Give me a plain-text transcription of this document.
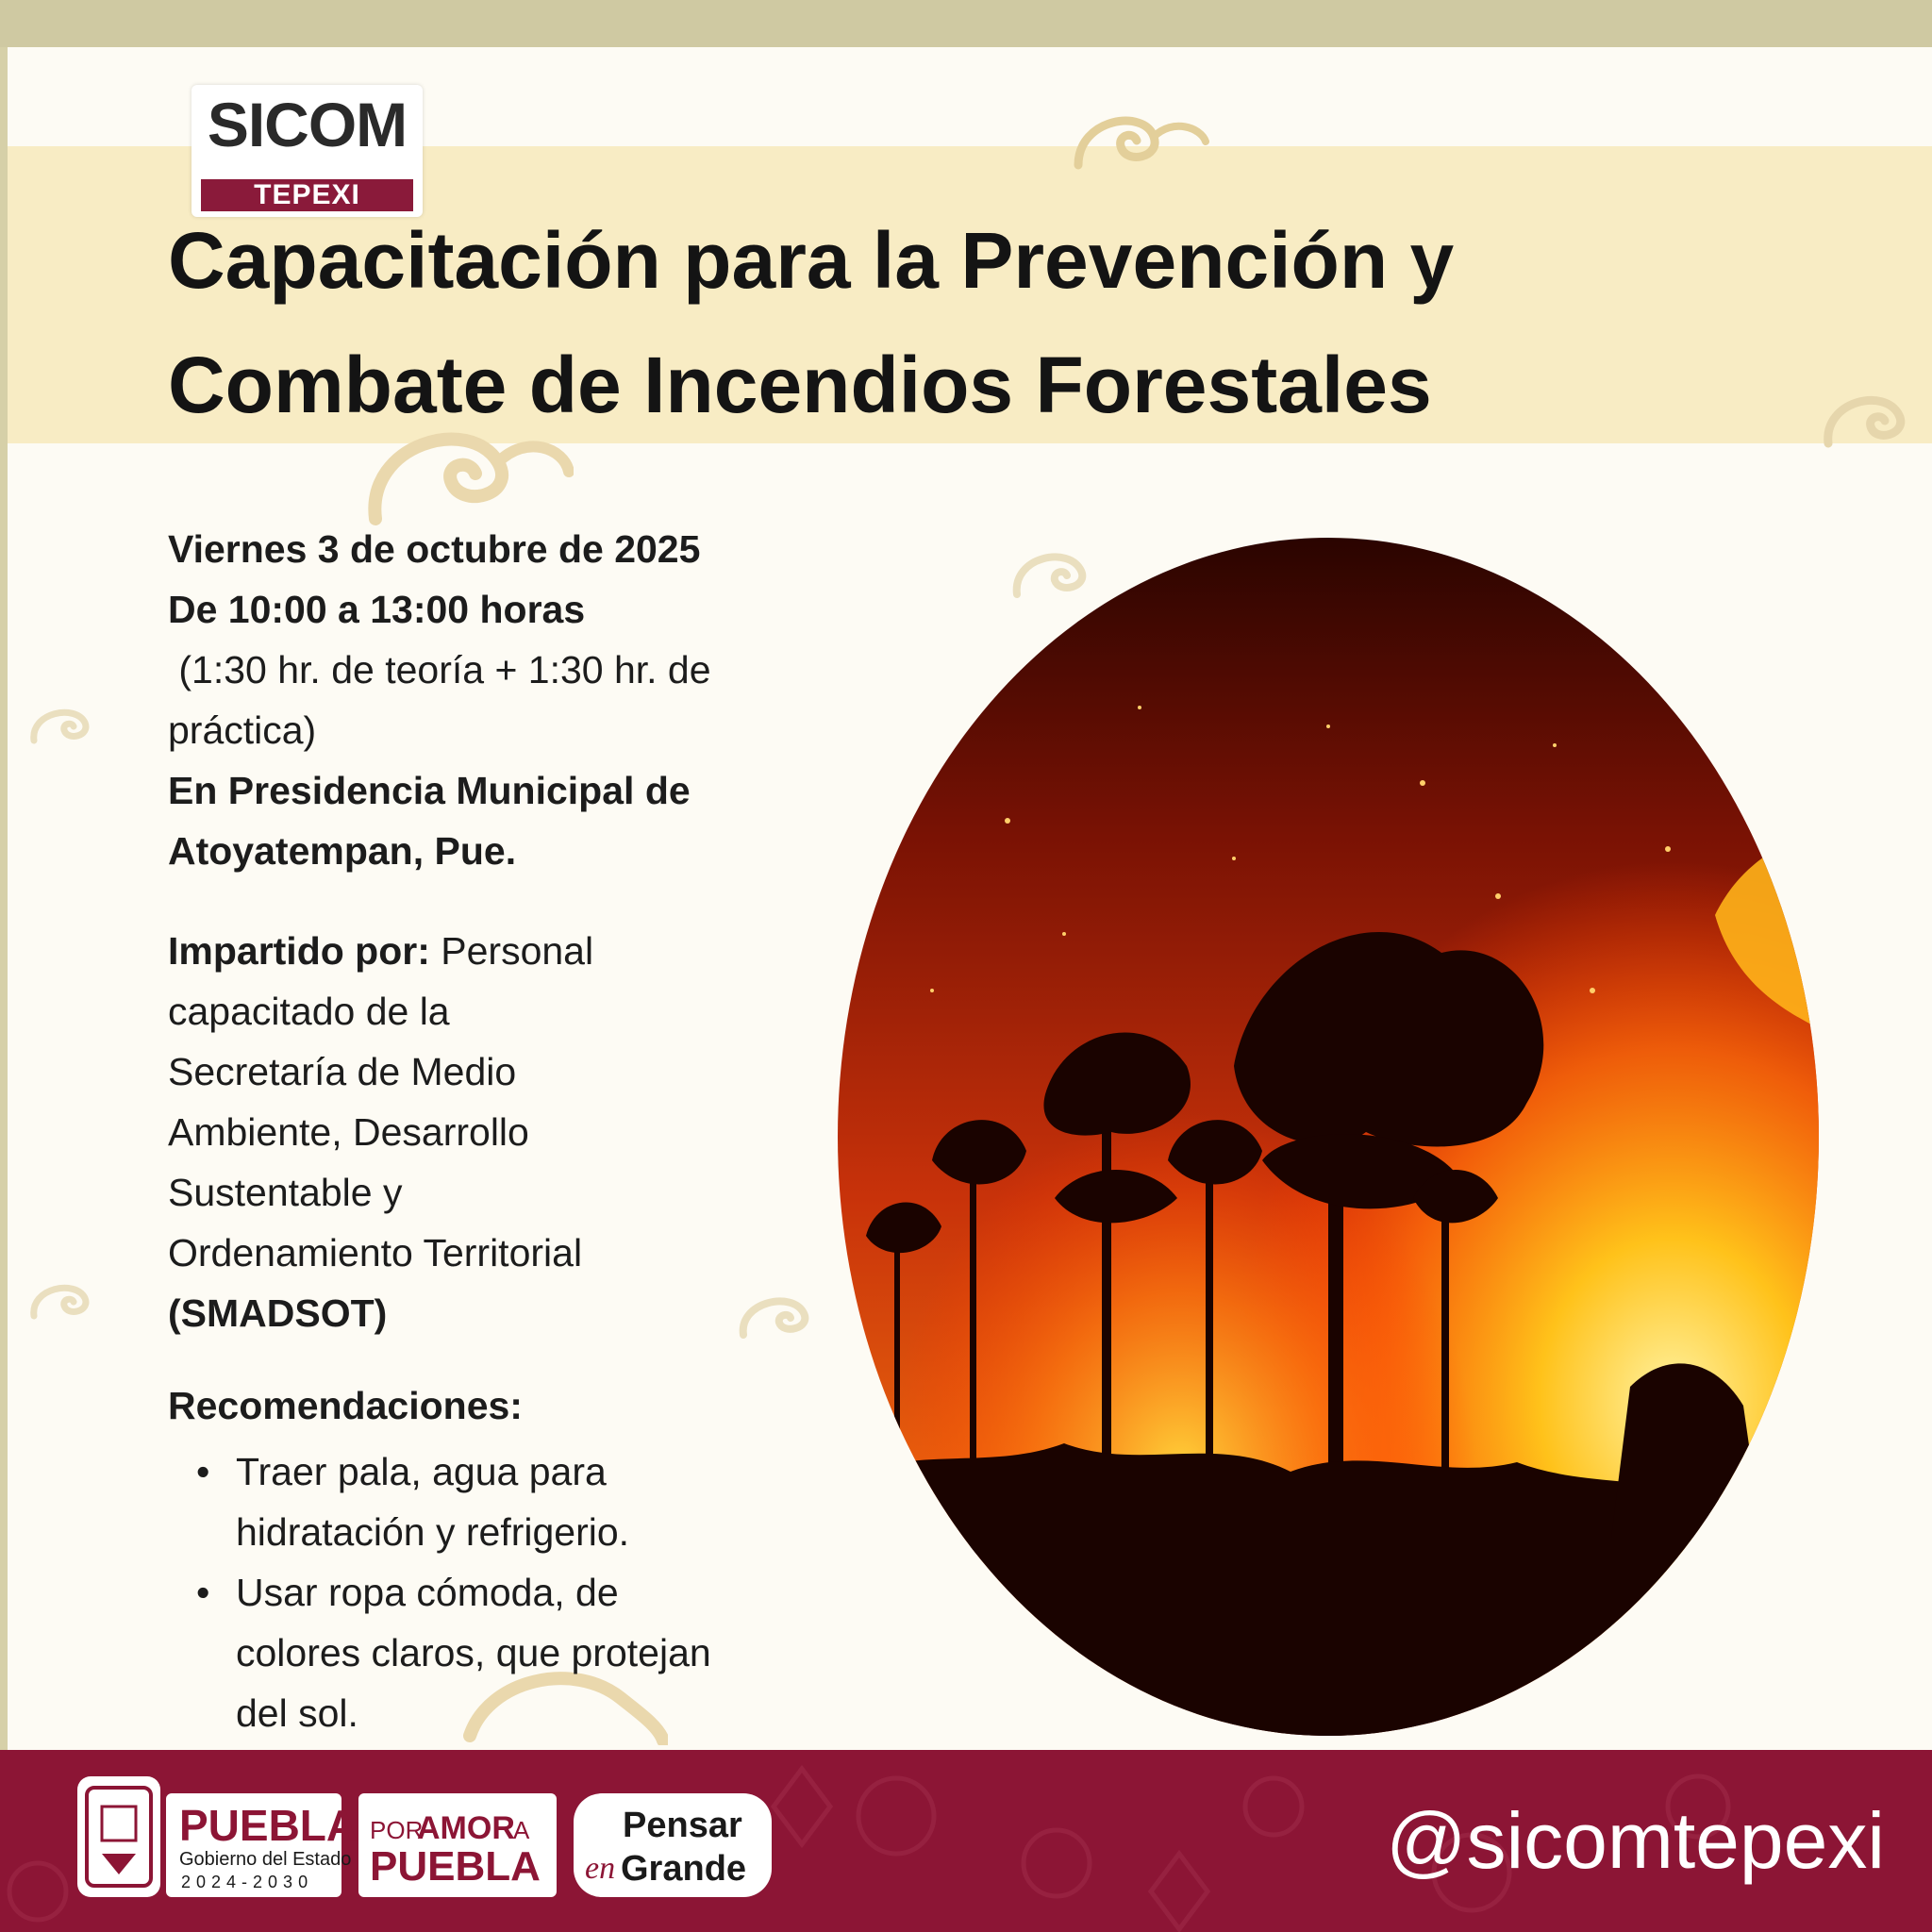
SICOM
TEPEXI
Capacitación para la Prevención y
Combate de Incendios Forestales

Viernes 3 de octubre de 2025

De 10:00 a 13:00 horas

(1:30 hr. de teoría + 1:30 hr. de

práctica)

En Presidencia Municipal de

Atoyatempan, Pue.

Impartido por: Personal

capacitado de la

Secretaría de Medio

Ambiente, Desarrollo

Sustentable y

Ordenamiento Territorial

(SMADSOT)

Recomendaciones:

• Traer pala, agua para
hidratación y refrigerio.
• Usar ropa cómoda, de
colores claros, que protejan
del sol.
PUEBLA
Gobierno del Estado
2024-2030
POR
AMOR
A
PUEBLA
Pensar
en Grande	@sicomtepexi
